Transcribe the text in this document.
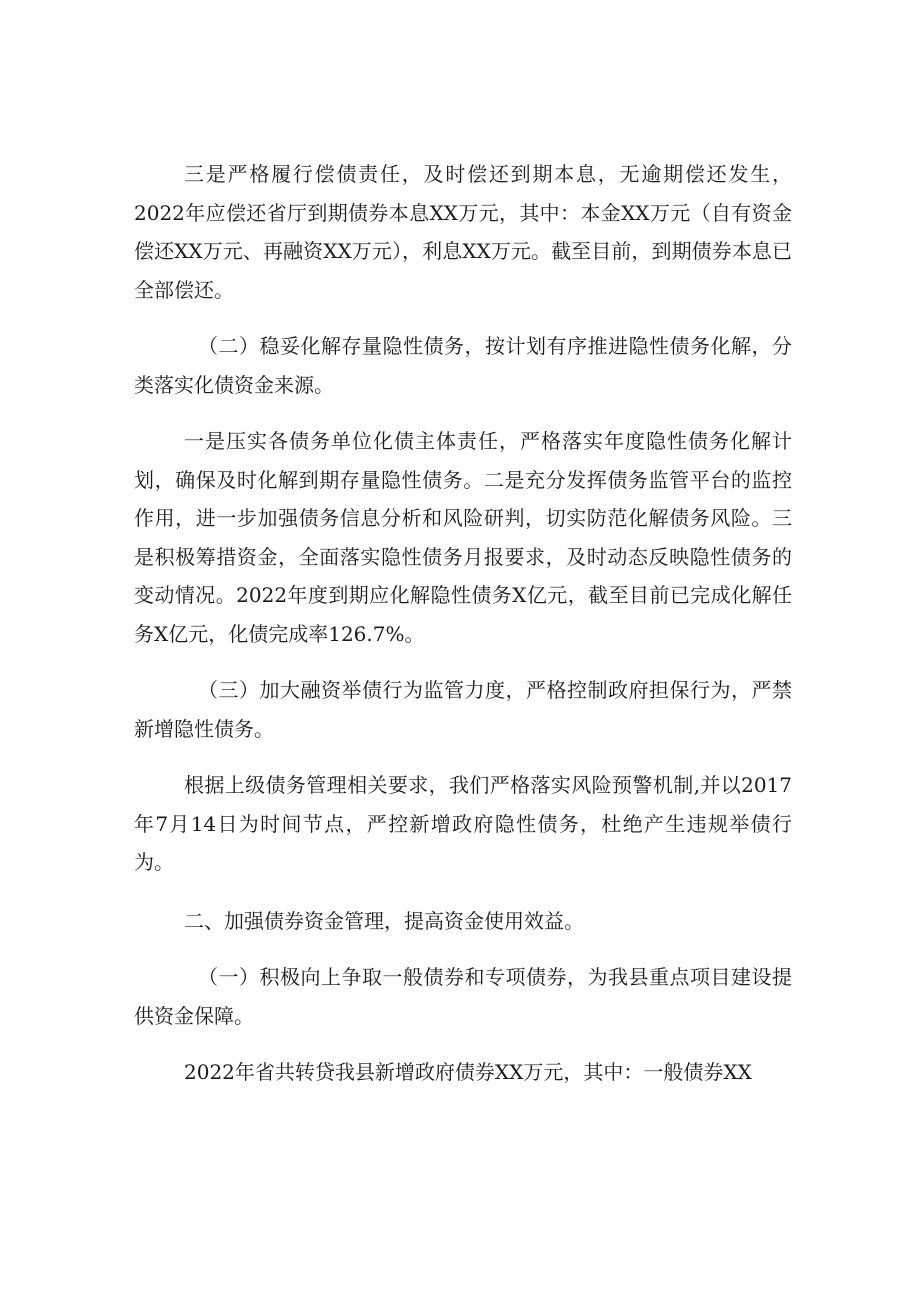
三是严格履行偿债责任，及时偿还到期本息，无逾期偿还发生，2022年应偿还省厅到期债券本息XX万元，其中：本金XX万元（自有资金偿还XX万元、再融资XX万元），利息XX万元。截至目前，到期债券本息已全部偿还。

（二）稳妥化解存量隐性债务，按计划有序推进隐性债务化解，分类落实化债资金来源。

一是压实各债务单位化债主体责任，严格落实年度隐性债务化解计划，确保及时化解到期存量隐性债务。二是充分发挥债务监管平台的监控作用，进一步加强债务信息分析和风险研判，切实防范化解债务风险。三是积极筹措资金，全面落实隐性债务月报要求，及时动态反映隐性债务的变动情况。2022年度到期应化解隐性债务X亿元，截至目前已完成化解任务X亿元，化债完成率126.7%。

（三）加大融资举债行为监管力度，严格控制政府担保行为，严禁新增隐性债务。

根据上级债务管理相关要求，我们严格落实风险预警机制,并以2017年7月14日为时间节点，严控新增政府隐性债务，杜绝产生违规举债行为。

二、加强债券资金管理，提高资金使用效益。

（一）积极向上争取一般债券和专项债券，为我县重点项目建设提供资金保障。

2022年省共转贷我县新增政府债券XX万元，其中：一般债券XX
